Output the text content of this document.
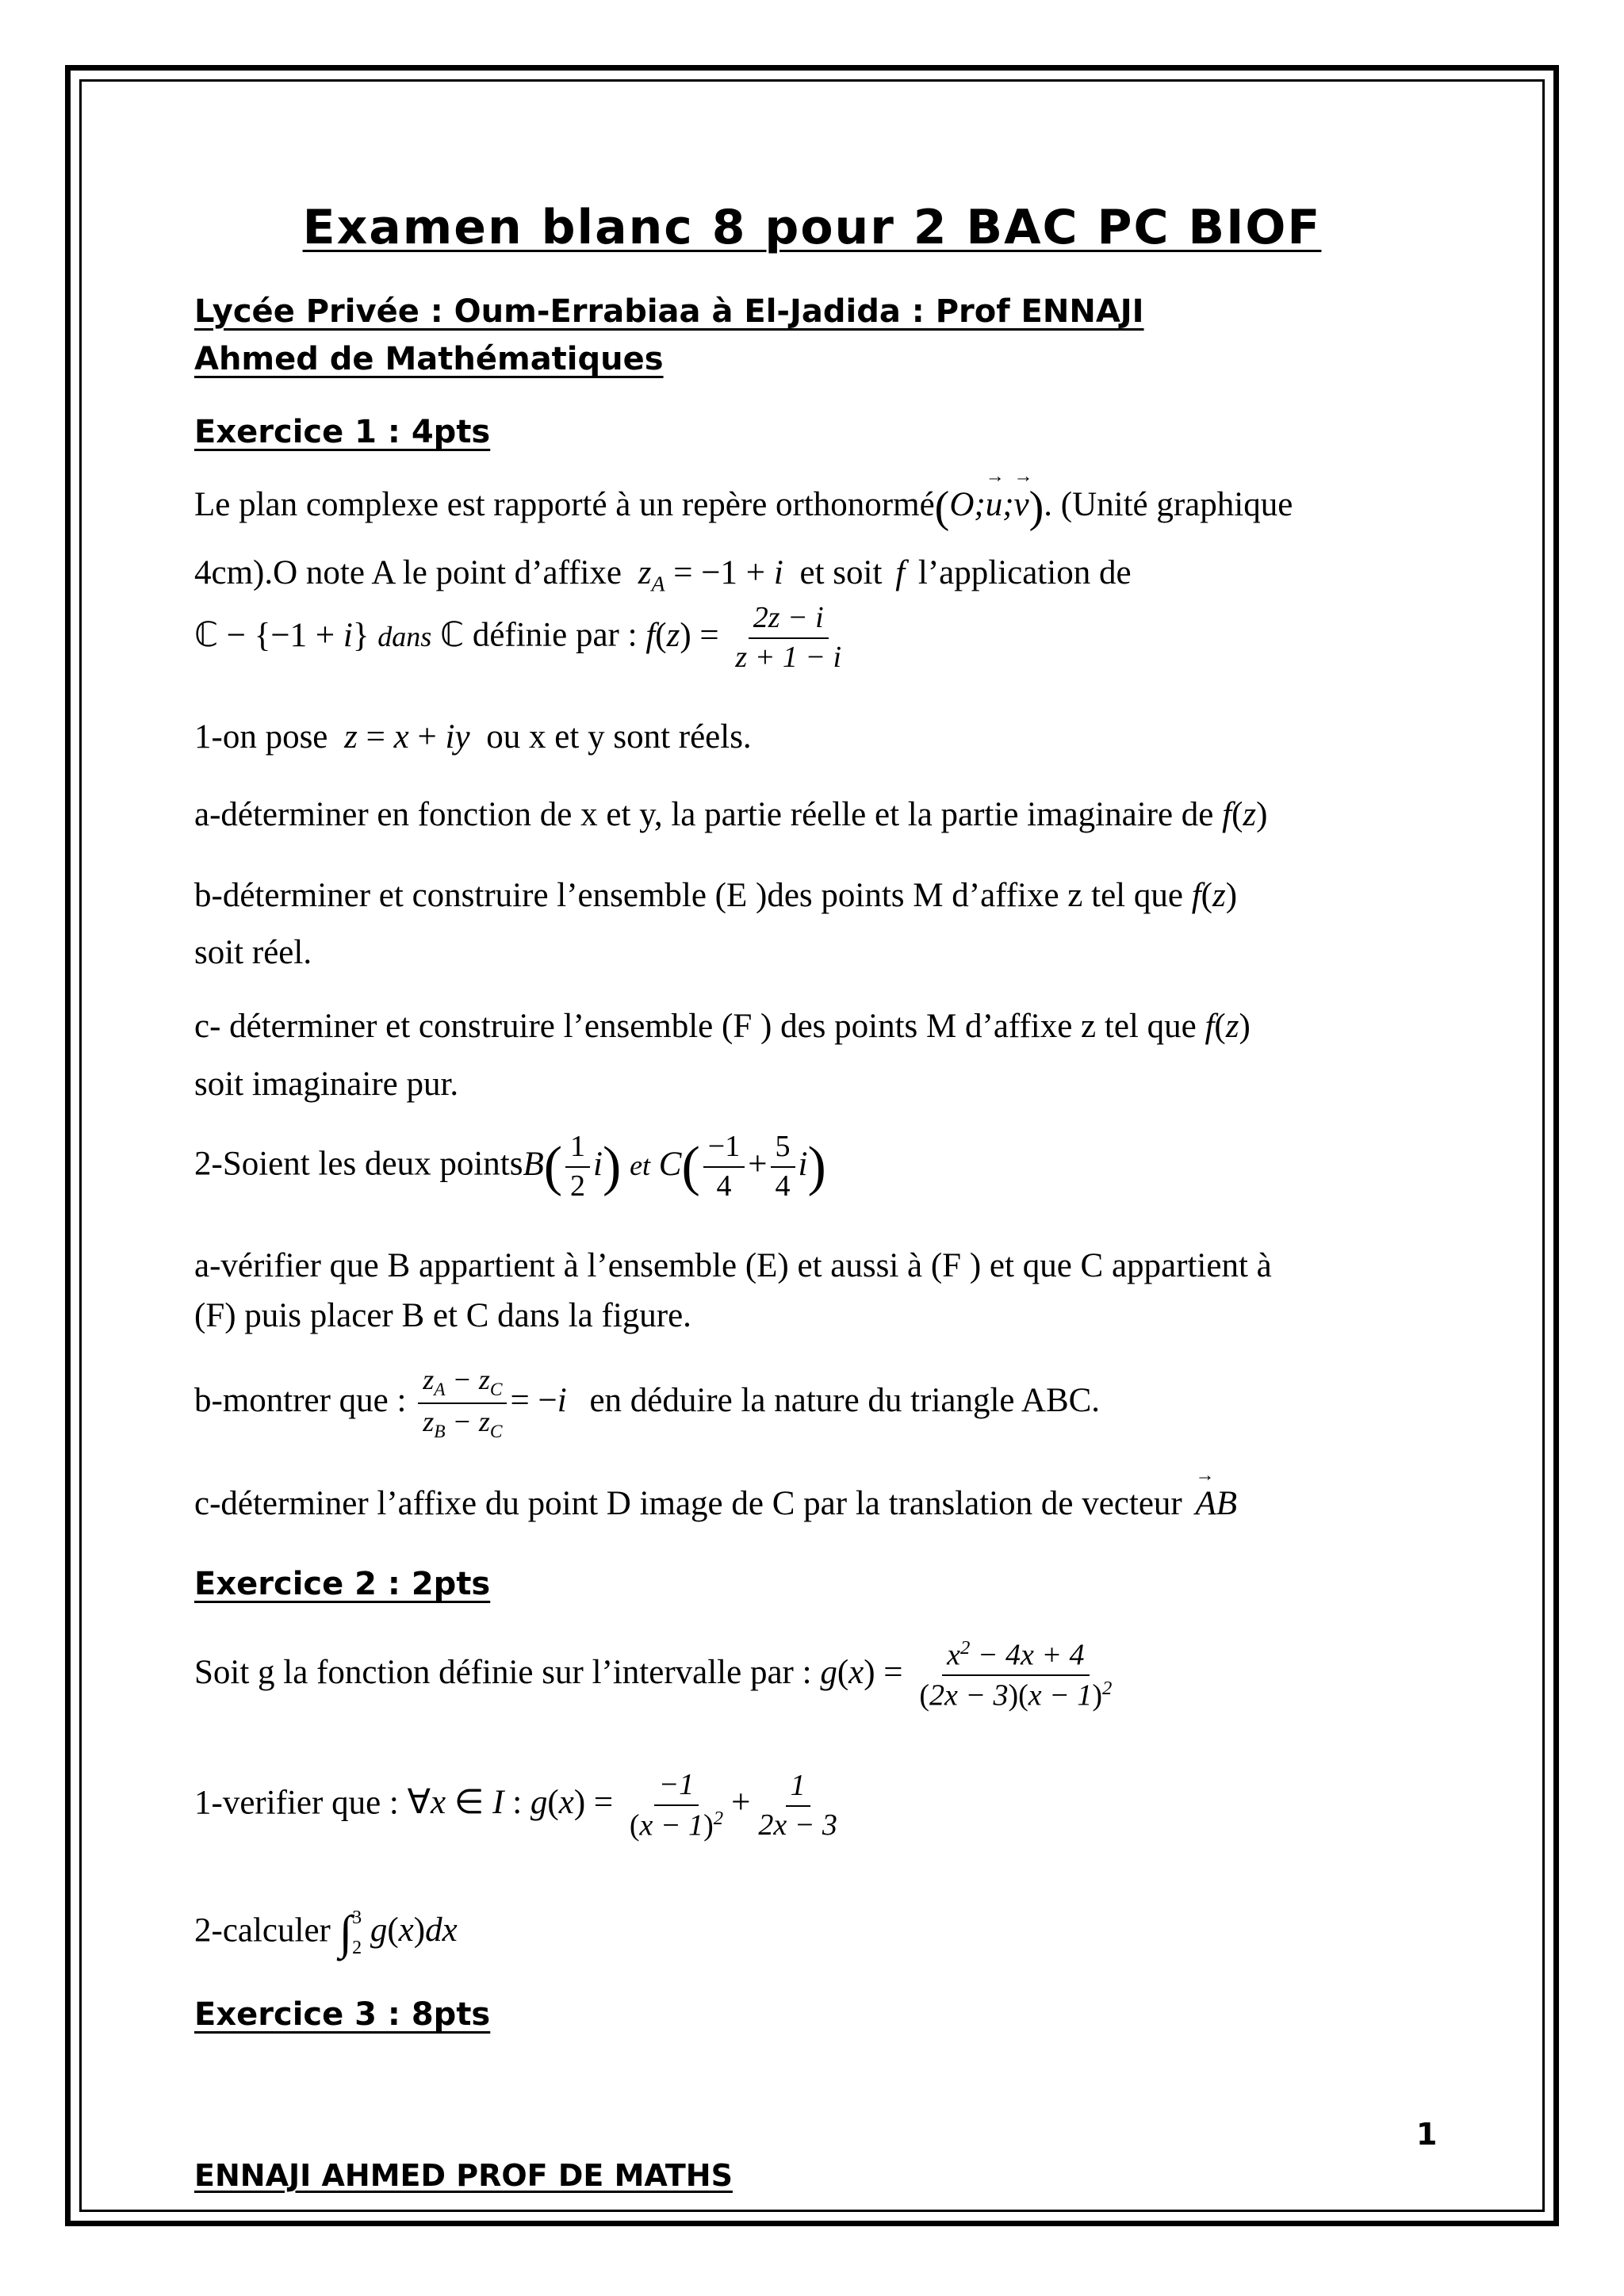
Examen blanc 8 pour 2 BAC PC BIOF
Lycée Privée : Oum-Errabiaa à El-Jadida : Prof ENNAJI
Ahmed de Mathématiques
Exercice 1 : 4pts
Le plan complexe est rapporté à un repère orthonormé(O;→ u;→ v). (Unité graphique
4cm).O note A le point d’affixe $z_A = -1 + i$ et soit f l’application de
ℂ − {−1 + i} dans ℂ définie par : $f(z) = \frac{2z - i}{z + 1 - i}$
1-on pose z = x + iy ou x et y sont réels.
a-déterminer en fonction de x et y, la partie réelle et la partie imaginaire de f(z)
b-déterminer et construire l’ensemble (E )des points M d’affixe z tel que f(z)
soit réel.
c- déterminer et construire l’ensemble (F ) des points M d’affixe z tel que f(z)
soit imaginaire pur.
2-Soient les deux pointsB( $\frac{1}{2} i$) et $C( \frac{-1}{4} + \frac{5}{4} i)$
a-vérifier que B appartient à l’ensemble (E) et aussi à (F ) et que C appartient à
(F) puis placer B et C dans la figure.
b-montrer que : $\frac{z_A - z_C}{z_B - z_C} = -i$ en déduire la nature du triangle ABC.
c-déterminer l’affixe du point D image de C par la translation de vecteur → AB
Exercice 2 : 2pts
Soit g la fonction définie sur l’intervalle par : $g(x) = \frac{x^2 - 4x + 4}{(2x - 3)(x - 1)^2}$
1-verifier que : ∀x ∈ I : $g(x) = \frac{-1}{(x - 1)^2} + \frac{1}{2x - 3}$
2-calculer ∫ 3
2 g(x)dx
Exercice 3 : 8pts
1
ENNAJI AHMED PROF DE MATHS
